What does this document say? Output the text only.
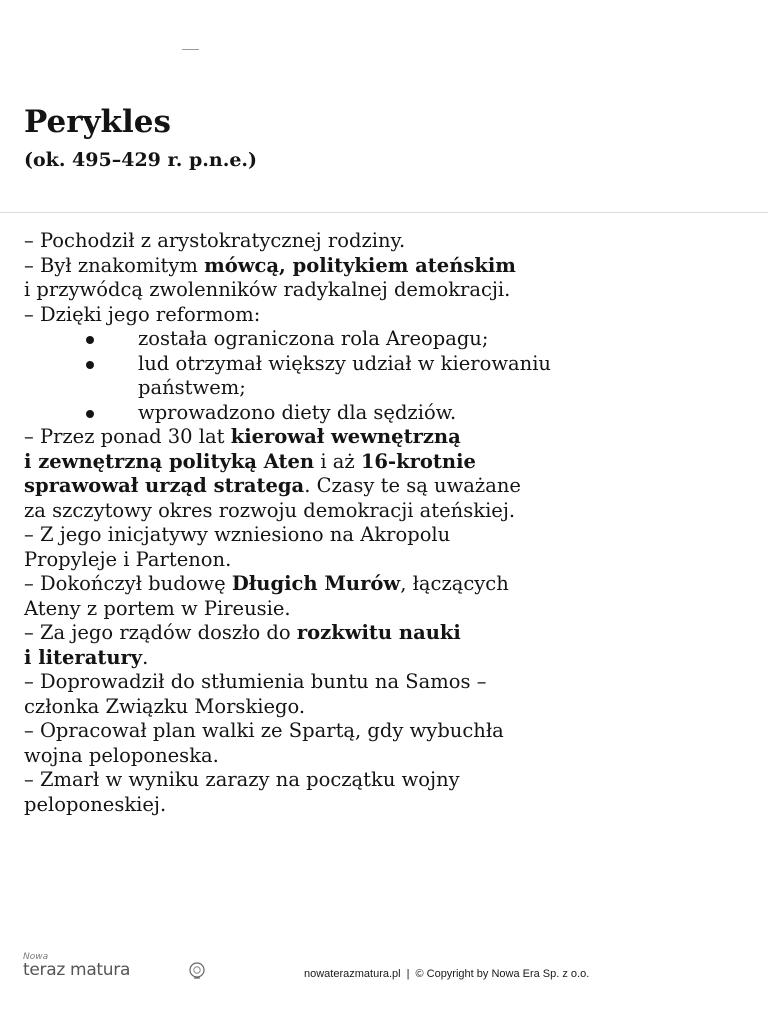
Perykles
(ok. 495–429 r. p.n.e.)
– Pochodził z arystokratycznej rodziny.
– Był znakomitym mówcą, politykiem ateńskim
i przywódcą zwolenników radykalnej demokracji.
– Dzięki jego reformom:
została ograniczona rola Areopagu;
lud otrzymał większy udział w kierowaniu
państwem;
wprowadzono diety dla sędziów.
– Przez ponad 30 lat kierował wewnętrzną
i zewnętrzną polityką Aten i aż 16-krotnie
sprawował urząd stratega. Czasy te są uważane
za szczytowy okres rozwoju demokracji ateńskiej.
– Z jego inicjatywy wzniesiono na Akropolu
Propyleje i Partenon.
– Dokończył budowę Długich Murów, łączących
Ateny z portem w Pireusie.
– Za jego rządów doszło do rozkwitu nauki
i literatury.
– Doprowadził do stłumienia buntu na Samos –
członka Związku Morskiego.
– Opracował plan walki ze Spartą, gdy wybuchła
wojna peloponeska.
– Zmarł w wyniku zarazy na początku wojny
peloponeskiej.
Nowa
teraz matura	nowaterazmatura.pl | © Copyright by Nowa Era Sp. z o.o.
